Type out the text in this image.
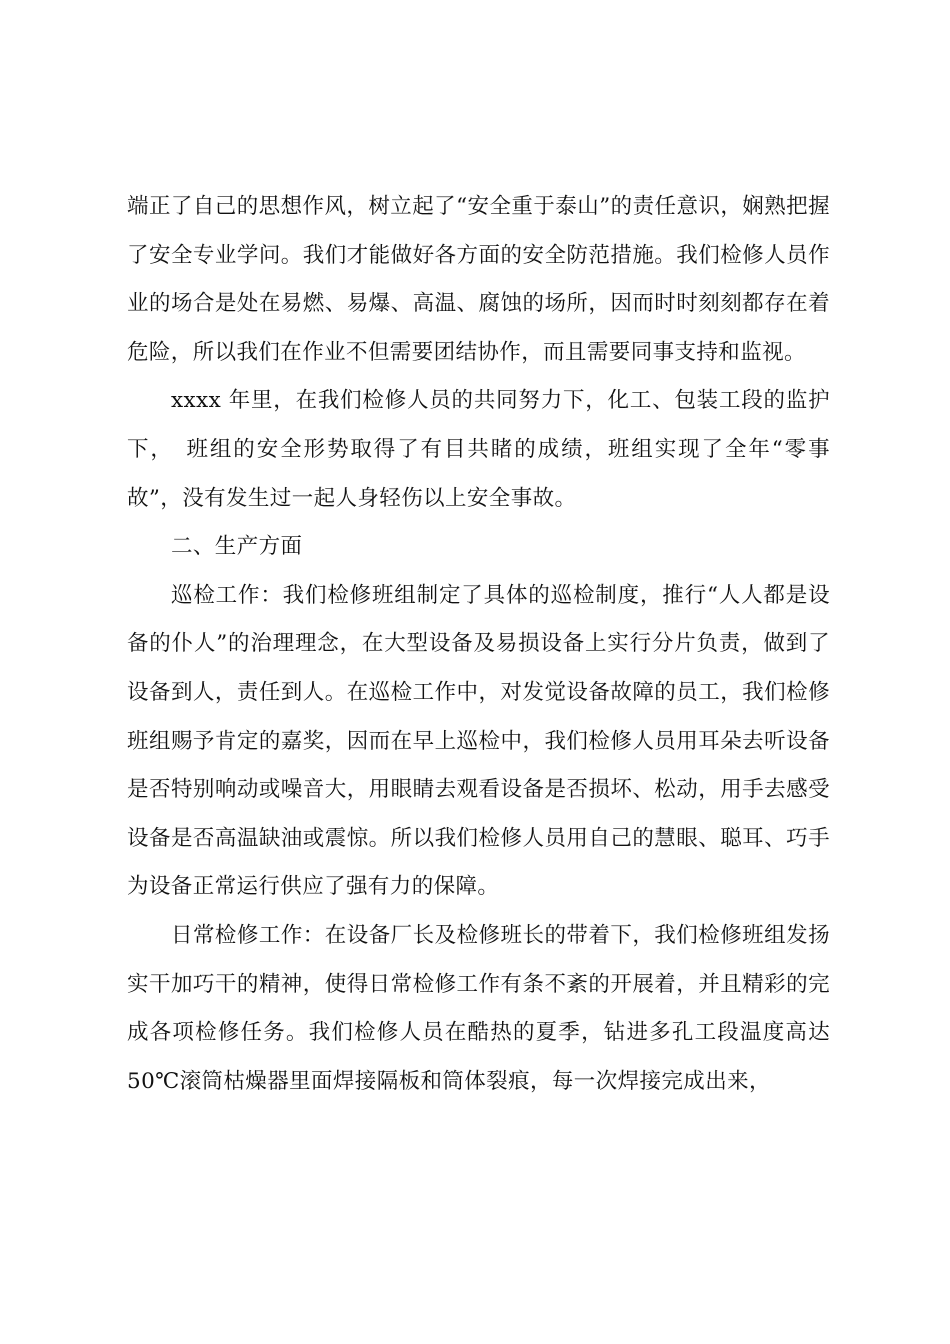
端正了自己的思想作风，树立起了“安全重于泰山”的责任意识，娴熟把握了安全专业学问。我们才能做好各方面的安全防范措施。我们检修人员作业的场合是处在易燃、易爆、高温、腐蚀的场所，因而时时刻刻都存在着危险，所以我们在作业不但需要团结协作，而且需要同事支持和监视。

xxxx 年里，在我们检修人员的共同努力下，化工、包装工段的监护下，　班组的安全形势取得了有目共睹的成绩，班组实现了全年“零事故”，没有发生过一起人身轻伤以上安全事故。

二、生产方面

巡检工作：我们检修班组制定了具体的巡检制度，推行“人人都是设备的仆人”的治理理念，在大型设备及易损设备上实行分片负责，做到了设备到人，责任到人。在巡检工作中，对发觉设备故障的员工，我们检修班组赐予肯定的嘉奖，因而在早上巡检中，我们检修人员用耳朵去听设备是否特别响动或噪音大，用眼睛去观看设备是否损坏、松动，用手去感受设备是否高温缺油或震惊。所以我们检修人员用自己的慧眼、聪耳、巧手为设备正常运行供应了强有力的保障。

日常检修工作：在设备厂长及检修班长的带着下，我们检修班组发扬实干加巧干的精神，使得日常检修工作有条不紊的开展着，并且精彩的完成各项检修任务。我们检修人员在酷热的夏季，钻进多孔工段温度高达 50℃滚筒枯燥器里面焊接隔板和筒体裂痕，每一次焊接完成出来，
